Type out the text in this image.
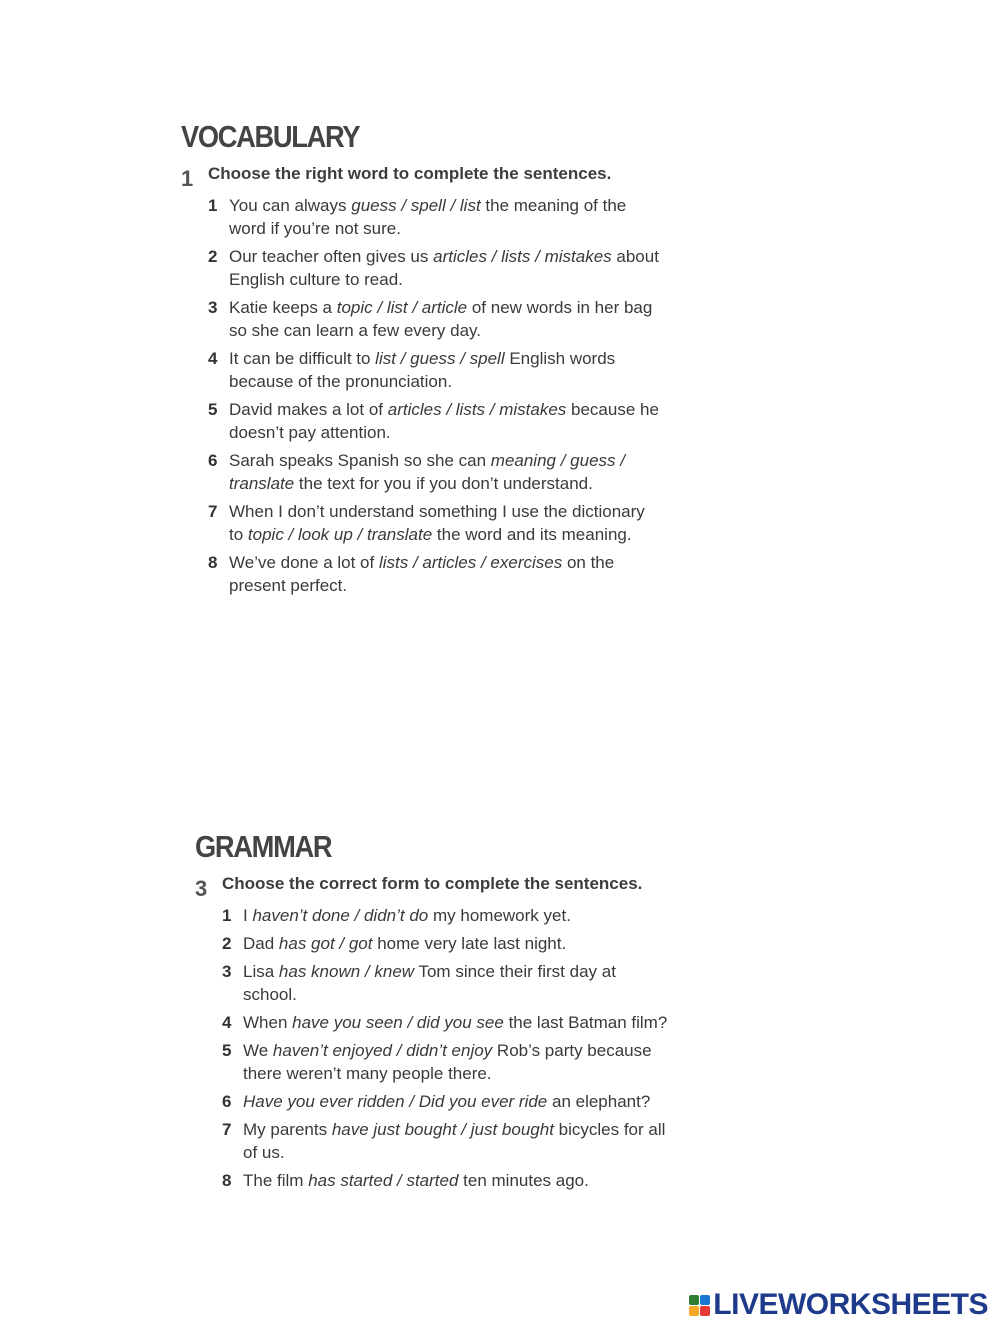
VOCABULARY
1 Choose the right word to complete the sentences.
1 You can always guess / spell / list the meaning of the word if you’re not sure.
2 Our teacher often gives us articles / lists / mistakes about English culture to read.
3 Katie keeps a topic / list / article of new words in her bag so she can learn a few every day.
4 It can be difficult to list / guess / spell English words because of the pronunciation.
5 David makes a lot of articles / lists / mistakes because he doesn’t pay attention.
6 Sarah speaks Spanish so she can meaning / guess / translate the text for you if you don’t understand.
7 When I don’t understand something I use the dictionary to topic / look up / translate the word and its meaning.
8 We’ve done a lot of lists / articles / exercises on the present perfect.
GRAMMAR
3 Choose the correct form to complete the sentences.
1 I haven’t done / didn’t do my homework yet.
2 Dad has got / got home very late last night.
3 Lisa has known / knew Tom since their first day at school.
4 When have you seen / did you see the last Batman film?
5 We haven’t enjoyed / didn’t enjoy Rob’s party because there weren’t many people there.
6 Have you ever ridden / Did you ever ride an elephant?
7 My parents have just bought / just bought bicycles for all of us.
8 The film has started / started ten minutes ago.
LIVEWORKSHEETS
